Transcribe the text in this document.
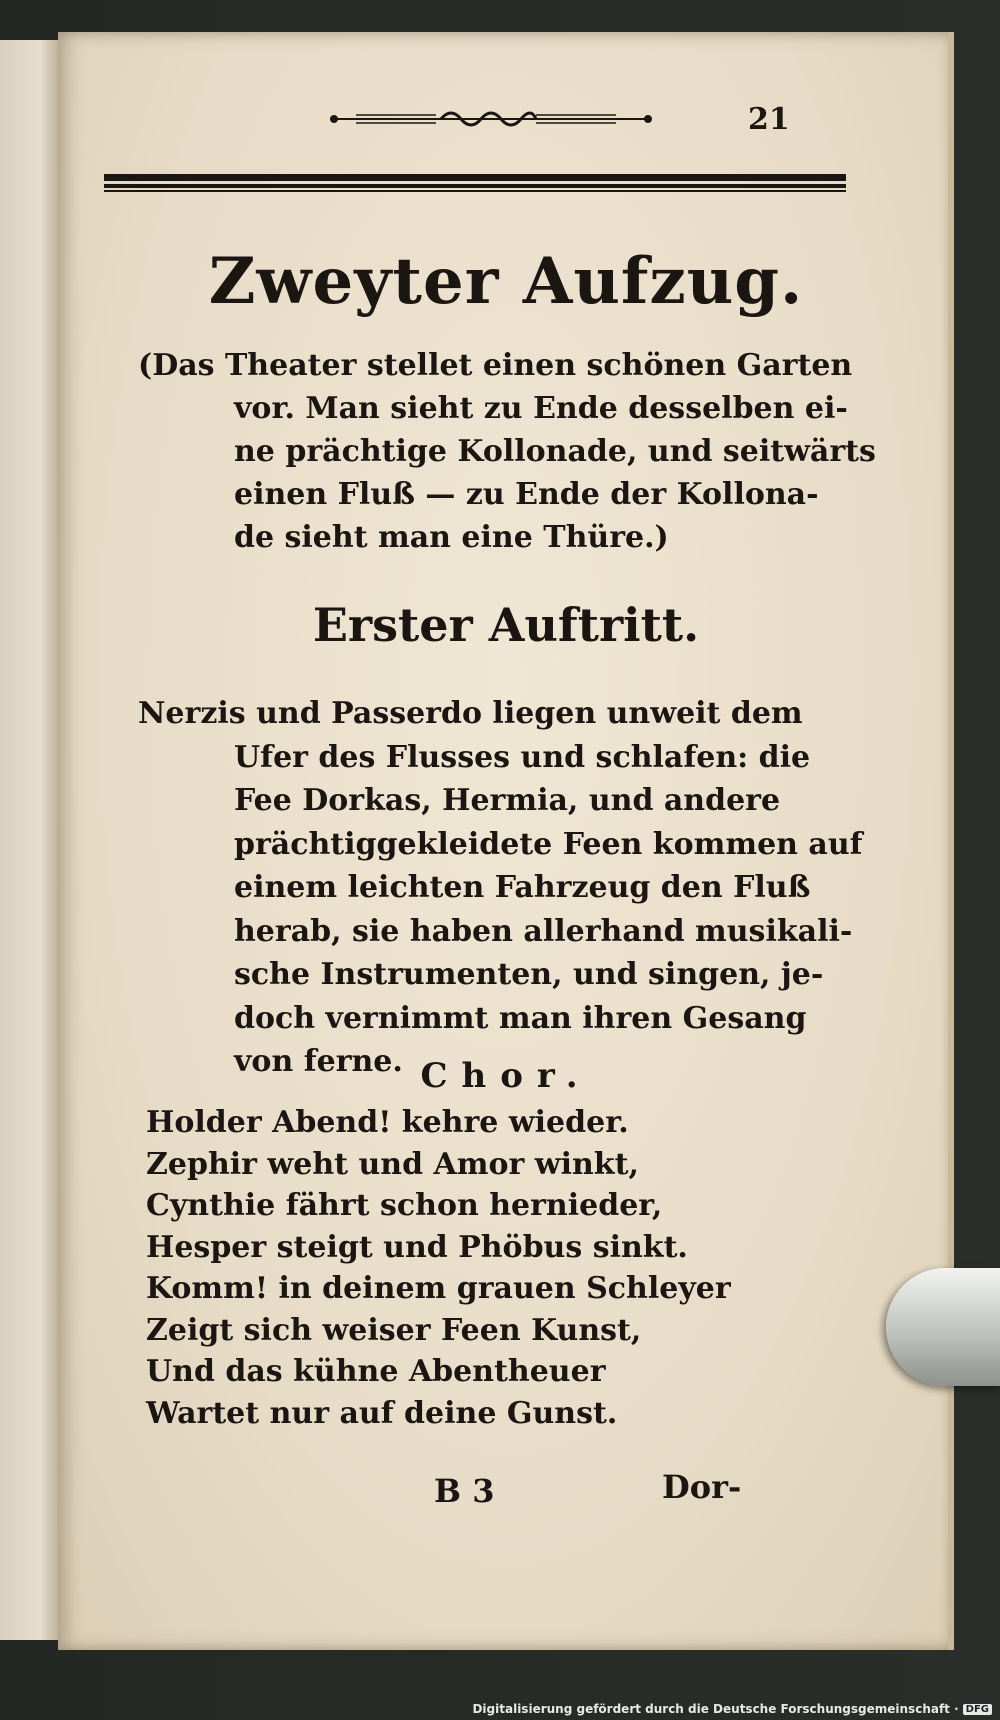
21
Zweyter Aufzug.
(Das Theater stellet einen schönen Garten
vor. Man sieht zu Ende desselben ei-
ne prächtige Kollonade, und seitwärts
einen Fluß — zu Ende der Kollona-
de sieht man eine Thüre.)
Erster Auftritt.
Nerzis und Passerdo liegen unweit dem
Ufer des Flusses und schlafen: die
Fee Dorkas, Hermia, und andere
prächtiggekleidete Feen kommen auf
einem leichten Fahrzeug den Fluß
herab, sie haben allerhand musikali-
sche Instrumenten, und singen, je-
doch vernimmt man ihren Gesang
von ferne. Chor.
Holder Abend! kehre wieder.
Zephir weht und Amor winkt,
Cynthie fährt schon hernieder,
Hesper steigt und Phöbus sinkt.
Komm! in deinem grauen Schleyer
Zeigt sich weiser Feen Kunst,
Und das kühne Abentheuer
Wartet nur auf deine Gunst.
B 3	Dor-
Digitalisierung gefördert durch die Deutsche Forschungsgemeinschaft · DFG
